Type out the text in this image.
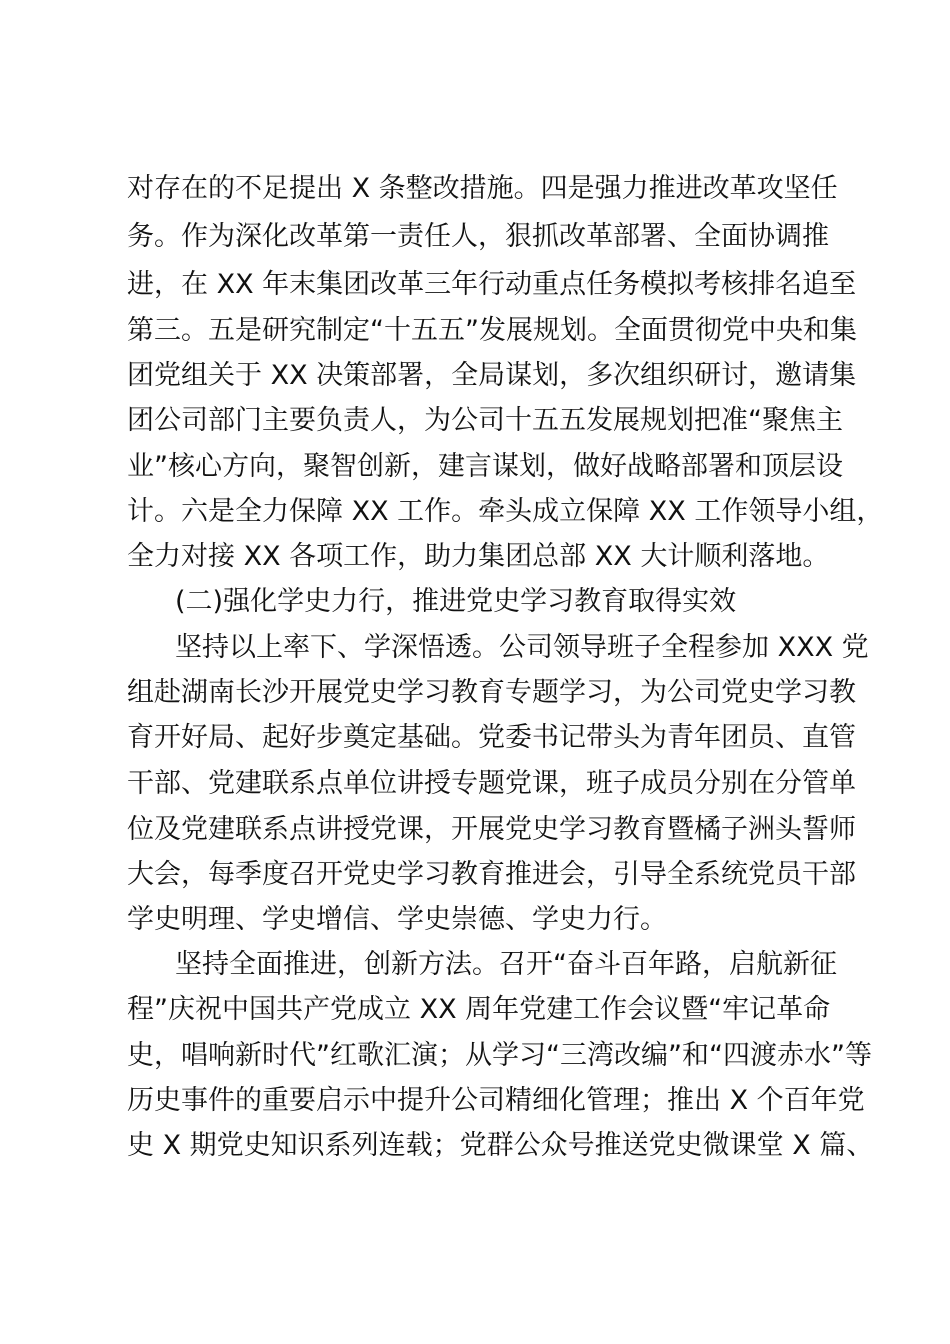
对存在的不足提出 X 条整改措施。四是强力推进改革攻坚任
务。作为深化改革第一责任人，狠抓改革部署、全面协调推
进，在 XX 年末集团改革三年行动重点任务模拟考核排名追至
第三。五是研究制定“十五五”发展规划。全面贯彻党中央和集
团党组关于 XX 决策部署，全局谋划，多次组织研讨，邀请集
团公司部门主要负责人，为公司十五五发展规划把准“聚焦主
业”核心方向，聚智创新，建言谋划，做好战略部署和顶层设
计。六是全力保障 XX 工作。牵头成立保障 XX 工作领导小组，
全力对接 XX 各项工作，助力集团总部 XX 大计顺利落地。
(二)强化学史力行，推进党史学习教育取得实效
坚持以上率下、学深悟透。公司领导班子全程参加 XXX 党
组赴湖南长沙开展党史学习教育专题学习，为公司党史学习教
育开好局、起好步奠定基础。党委书记带头为青年团员、直管
干部、党建联系点单位讲授专题党课，班子成员分别在分管单
位及党建联系点讲授党课，开展党史学习教育暨橘子洲头誓师
大会，每季度召开党史学习教育推进会，引导全系统党员干部
学史明理、学史增信、学史崇德、学史力行。
坚持全面推进，创新方法。召开“奋斗百年路，启航新征
程”庆祝中国共产党成立 XX 周年党建工作会议暨“牢记革命
史，唱响新时代”红歌汇演；从学习“三湾改编”和“四渡赤水”等
历史事件的重要启示中提升公司精细化管理；推出 X 个百年党
史 X 期党史知识系列连载；党群公众号推送党史微课堂 X 篇、
